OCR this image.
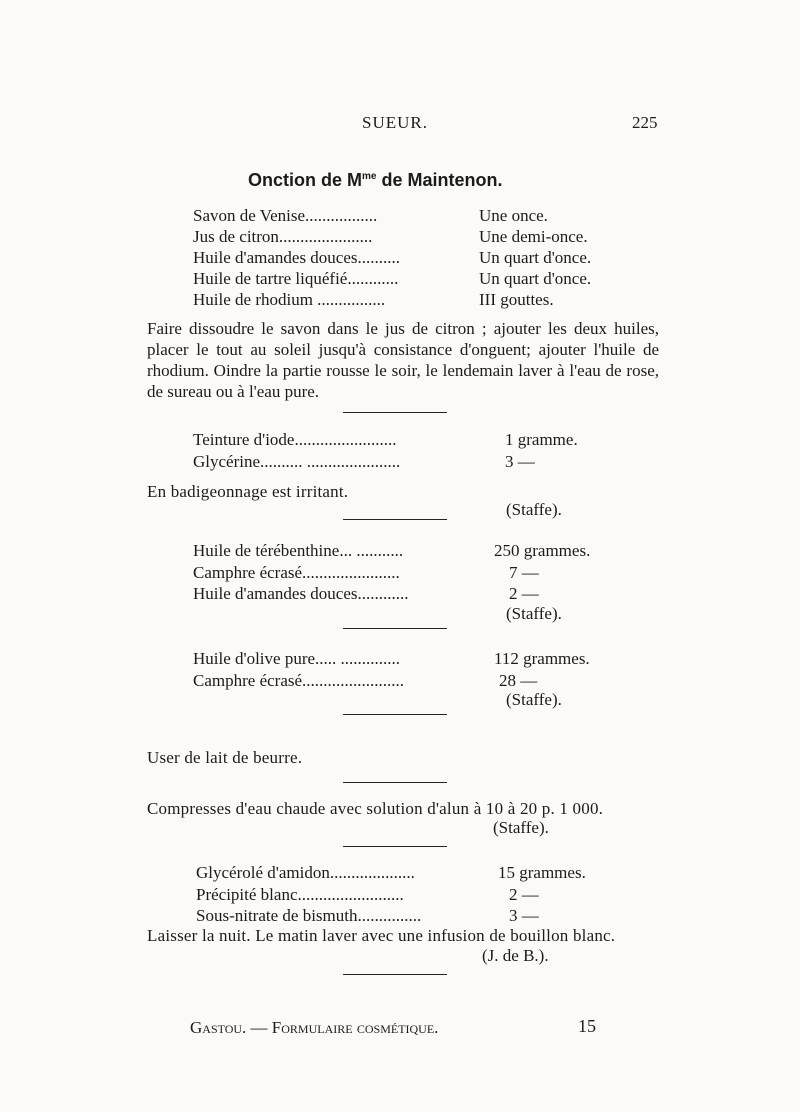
SUEUR.	225
Onction de $M^{me}$ de Maintenon.
Savon de Venise.................	Une once.
Jus de citron......................	Une demi-once.
Huile d'amandes douces..........	Un quart d'once.
Huile de tartre liquéfié............	Un quart d'once.
Huile de rhodium ................	III gouttes.
Faire dissoudre le savon dans le jus de citron ; ajouter les deux huiles, placer le tout au soleil jusqu'à consistance d'onguent; ajouter l'huile de rhodium. Oindre la partie rousse le soir, le lendemain laver à l'eau de rose, de sureau ou à l'eau pure.
Teinture d'iode........................	1 gramme.
Glycérine.......... ......................	3 —
En badigeonnage est irritant.
(Staffe).
Huile de térébenthine... ...........	250 grammes.
Camphre écrasé.......................	7 —
Huile d'amandes douces............	2 —
(Staffe).
Huile d'olive pure..... ..............	112 grammes.
Camphre écrasé........................	28 —
(Staffe).
User de lait de beurre.
Compresses d'eau chaude avec solution d'alun à 10 à 20 p. 1 000.
(Staffe).
Glycérolé d'amidon....................	15 grammes.
Précipité blanc.........................	2 —
Sous-nitrate de bismuth...............	3 —
Laisser la nuit. Le matin laver avec une infusion de bouillon blanc.
(J. de B.).
Gastou. — Formulaire cosmétique.	15
